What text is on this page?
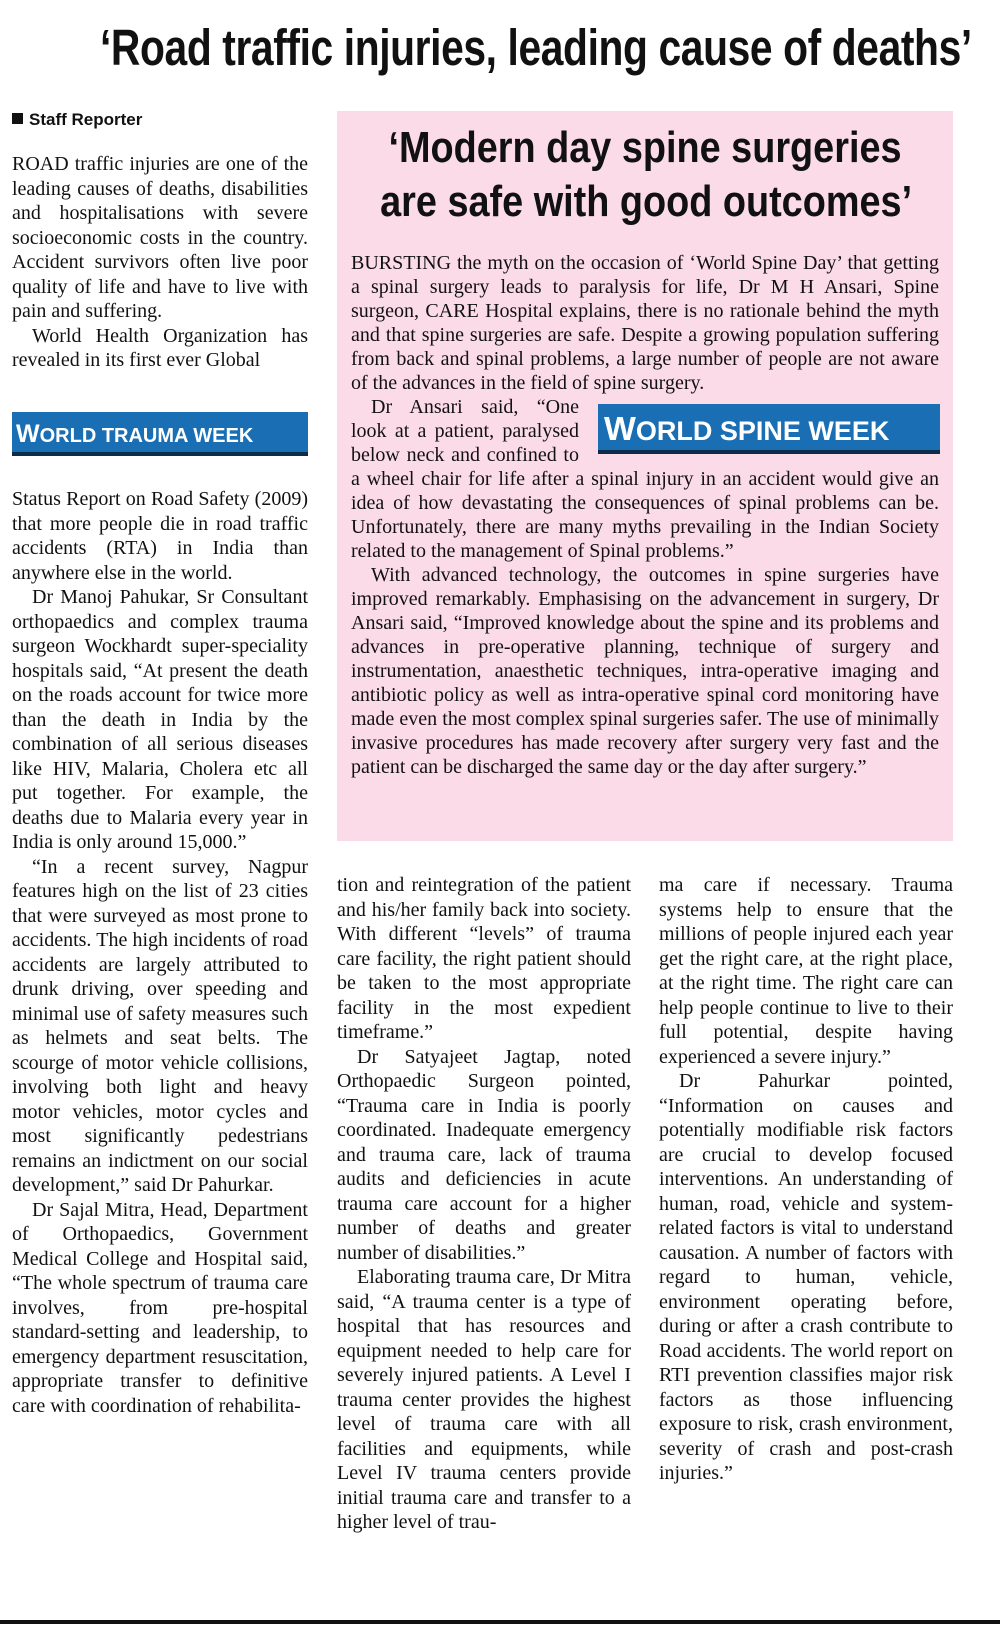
‘Road traffic injuries, leading cause of deaths’
Staff Reporter

ROAD traffic injuries are one of the leading causes of deaths, disabilities and hospitalisations with severe socioeconomic costs in the country. Accident survivors often live poor quality of life and have to live with pain and suffering.

World Health Organization has revealed in its first ever Global

WORLD TRAUMA WEEK

Status Report on Road Safety (2009) that more people die in road traffic accidents (RTA) in India than anywhere else in the world.

Dr Manoj Pahukar, Sr Consultant orthopaedics and complex trauma surgeon Wockhardt super-speciality hospitals said, “At present the death on the roads account for twice more than the death in India by the combination of all serious diseases like HIV, Malaria, Cholera etc all put together. For example, the deaths due to Malaria every year in India is only around 15,000.”

“In a recent survey, Nagpur features high on the list of 23 cities that were surveyed as most prone to accidents. The high incidents of road accidents are largely attributed to drunk driving, over speeding and minimal use of safety measures such as helmets and seat belts. The scourge of motor vehicle collisions, involving both light and heavy motor vehicles, motor cycles and most significantly pedestrians remains an indictment on our social development,” said Dr Pahurkar.

Dr Sajal Mitra, Head, Department of Orthopaedics, Government Medical College and Hospital said, “The whole spectrum of trauma care involves, from pre-hospital standard-setting and leadership, to emergency department resuscitation, appropriate transfer to definitive care with coordination of rehabilita-

‘Modern day spine surgeries
are safe with good outcomes’

BURSTING the myth on the occasion of ‘World Spine Day’ that getting a spinal surgery leads to paralysis for life, Dr M H Ansari, Spine surgeon, CARE Hospital explains, there is no rationale behind the myth and that spine surgeries are safe. Despite a growing population suffering from back and spinal problems, a large number of people are not aware of the advances in the field of spine surgery.

Dr Ansari said, “One look at a patient, paralysed below neck and confined to a wheel chair for life after a spinal injury in an accident would give an idea of how devastating the consequences of spinal problems can be. Unfortunately, there are many myths prevailing in the Indian Society related to the management of Spinal problems.”

With advanced technology, the outcomes in spine surgeries have improved remarkably. Emphasising on the advancement in surgery, Dr Ansari said, “Improved knowledge about the spine and its problems and advances in pre-operative planning, technique of surgery and instrumentation, anaesthetic techniques, intra-operative imaging and antibiotic policy as well as intra-operative spinal cord monitoring have made even the most complex spinal surgeries safer. The use of minimally invasive procedures has made recovery after surgery very fast and the patient can be discharged the same day or the day after surgery.”

WORLD SPINE WEEK

tion and reintegration of the patient and his/her family back into society. With different “levels” of trauma care facility, the right patient should be taken to the most appropriate facility in the most expedient timeframe.”

Dr Satyajeet Jagtap, noted Orthopaedic Surgeon pointed, “Trauma care in India is poorly coordinated. Inadequate emergency and trauma care, lack of trauma audits and deficiencies in acute trauma care account for a higher number of deaths and greater number of disabilities.”

Elaborating trauma care, Dr Mitra said, “A trauma center is a type of hospital that has resources and equipment needed to help care for severely injured patients. A Level I trauma center provides the highest level of trauma care with all facilities and equipments, while Level IV trauma centers provide initial trauma care and transfer to a higher level of trau-

ma care if necessary. Trauma systems help to ensure that the millions of people injured each year get the right care, at the right place, at the right time. The right care can help people continue to live to their full potential, despite having experienced a severe injury.”

Dr Pahurkar pointed, “Information on causes and potentially modifiable risk factors are crucial to develop focused interventions. An understanding of human, road, vehicle and system-related factors is vital to understand causation. A number of factors with regard to human, vehicle, environment operating before, during or after a crash contribute to Road accidents. The world report on RTI prevention classifies major risk factors as those influencing exposure to risk, crash environment, severity of crash and post-crash injuries.”
